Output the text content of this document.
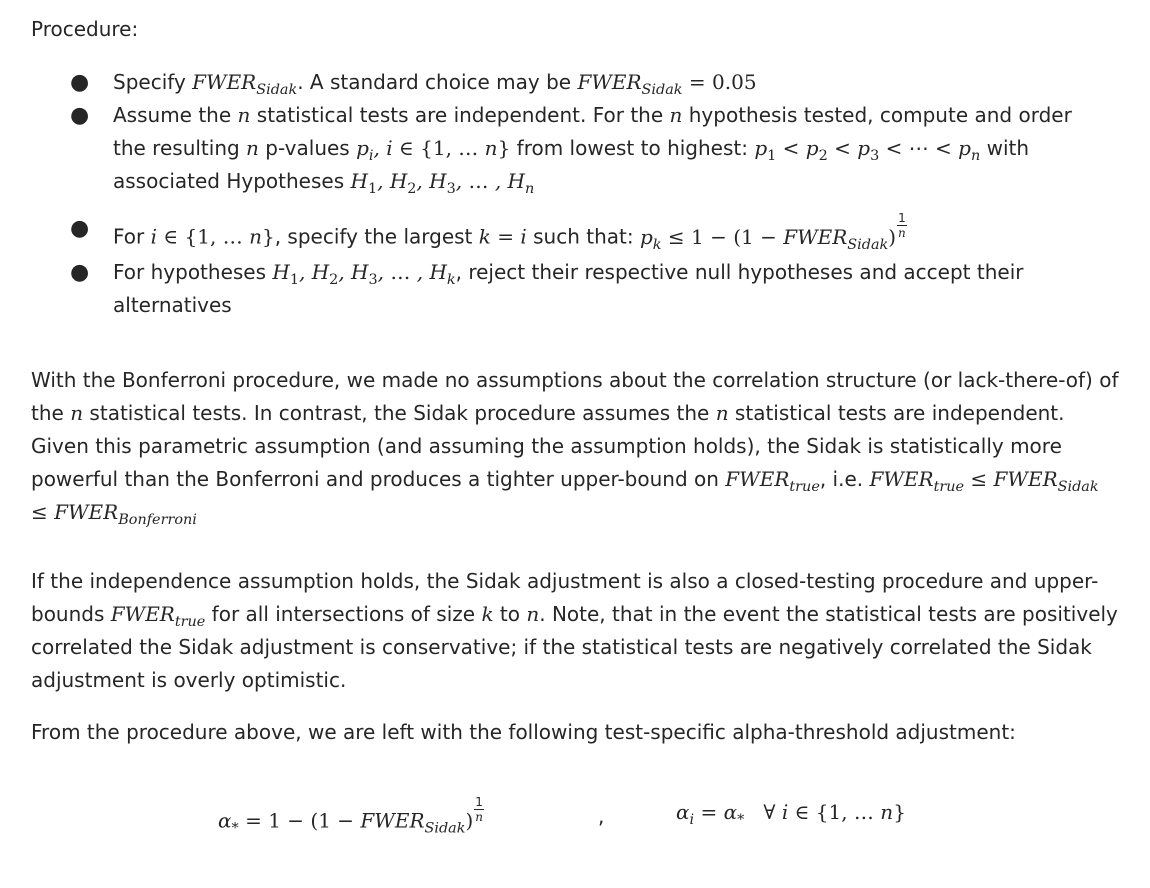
Procedure:
● Specify $FWER_{Sidak}$. A standard choice may be $FWER_{Sidak} = 0.05$
● Assume the n statistical tests are independent. For the n hypothesis tested, compute and order the resulting n p-values $p_i$, i ∈ {1, … n} from lowest to highest: $p_1 < p_2 < p_3$ < ⋯ < $p_n$ with associated Hypotheses $H_1$, $H_2$, $H_3$, … , $H_n$
● For i ∈ {1, … n}, specify the largest k = i such that: $p_k \le 1 - (1$ − $FWER_{Sidak}) \frac{1}{n}$
● For hypotheses $H_1$, $H_2$, $H_3$, … , $H_k$, reject their respective null hypotheses and accept their alternatives

With the Bonferroni procedure, we made no assumptions about the correlation structure (or lack-there-of) of the n statistical tests. In contrast, the Sidak procedure assumes the n statistical tests are independent. Given this parametric assumption (and assuming the assumption holds), the Sidak is statistically more powerful than the Bonferroni and produces a tighter upper-bound on $FWER_{true}$, i.e. $FWER_{true}$ ≤ $FWER_{Sidak}$ ≤ $FWER_{Bonferroni}$

If the independence assumption holds, the Sidak adjustment is also a closed-testing procedure and upper-bounds $FWER_{true}$ for all intersections of size k to n. Note, that in the event the statistical tests are positively correlated the Sidak adjustment is conservative; if the statistical tests are negatively correlated the Sidak adjustment is overly optimistic.

From the procedure above, we are left with the following test-specific alpha-threshold adjustment:

$\alpha_* = 1 - (1$ − $FWER_{Sidak}) \frac{1}{n}$	,	$\alpha_i = \alpha_*$ ∀ i ∈ {1, … n}
